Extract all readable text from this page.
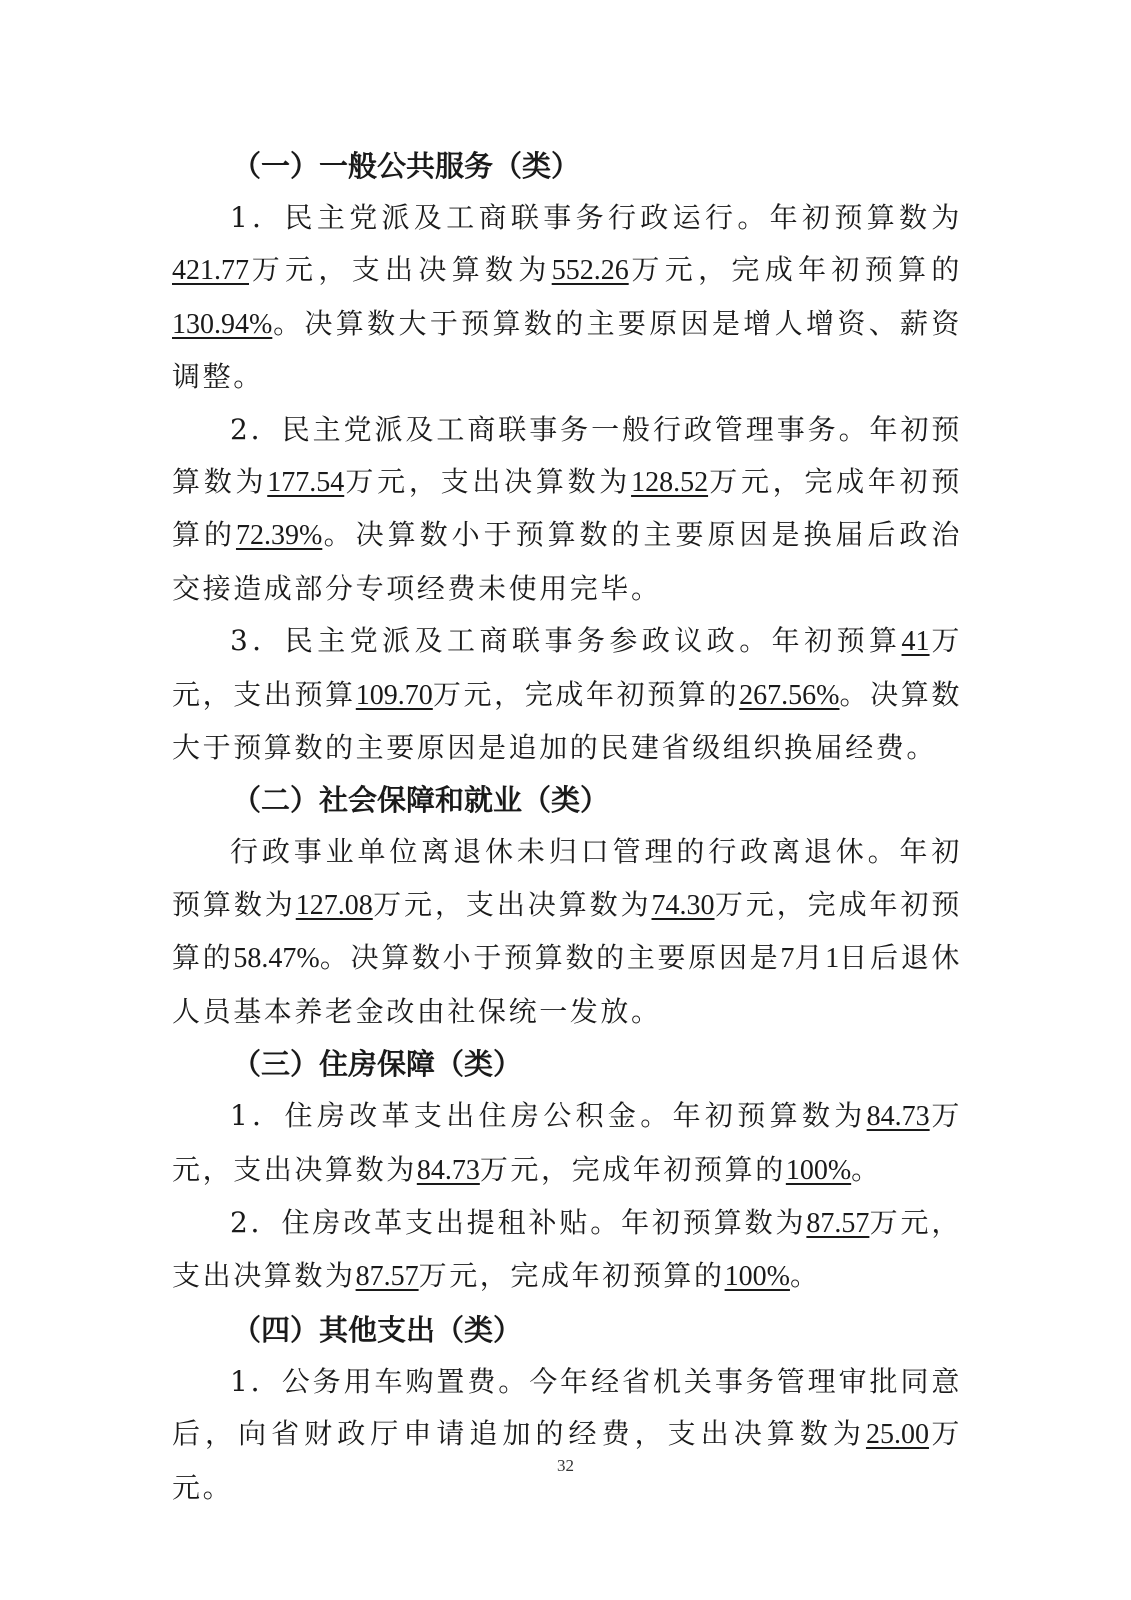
（一）一般公共服务（类）

1．民主党派及工商联事务行政运行。年初预算数为421.77万元，支出决算数为552.26万元，完成年初预算的130.94%。决算数大于预算数的主要原因是增人增资、薪资调整。

2．民主党派及工商联事务一般行政管理事务。年初预算数为177.54万元，支出决算数为128.52万元，完成年初预算的72.39%。决算数小于预算数的主要原因是换届后政治交接造成部分专项经费未使用完毕。

3．民主党派及工商联事务参政议政。年初预算41万元，支出预算109.70万元，完成年初预算的267.56%。决算数大于预算数的主要原因是追加的民建省级组织换届经费。

（二）社会保障和就业（类）

行政事业单位离退休未归口管理的行政离退休。年初预算数为127.08万元，支出决算数为74.30万元，完成年初预算的58.47%。决算数小于预算数的主要原因是7月1日后退休人员基本养老金改由社保统一发放。

（三）住房保障（类）

1．住房改革支出住房公积金。年初预算数为84.73万元，支出决算数为84.73万元，完成年初预算的100%。

2．住房改革支出提租补贴。年初预算数为87.57万元，支出决算数为87.57万元，完成年初预算的100%。

（四）其他支出（类）

1．公务用车购置费。今年经省机关事务管理审批同意后，向省财政厅申请追加的经费，支出决算数为25.00万元。

32
